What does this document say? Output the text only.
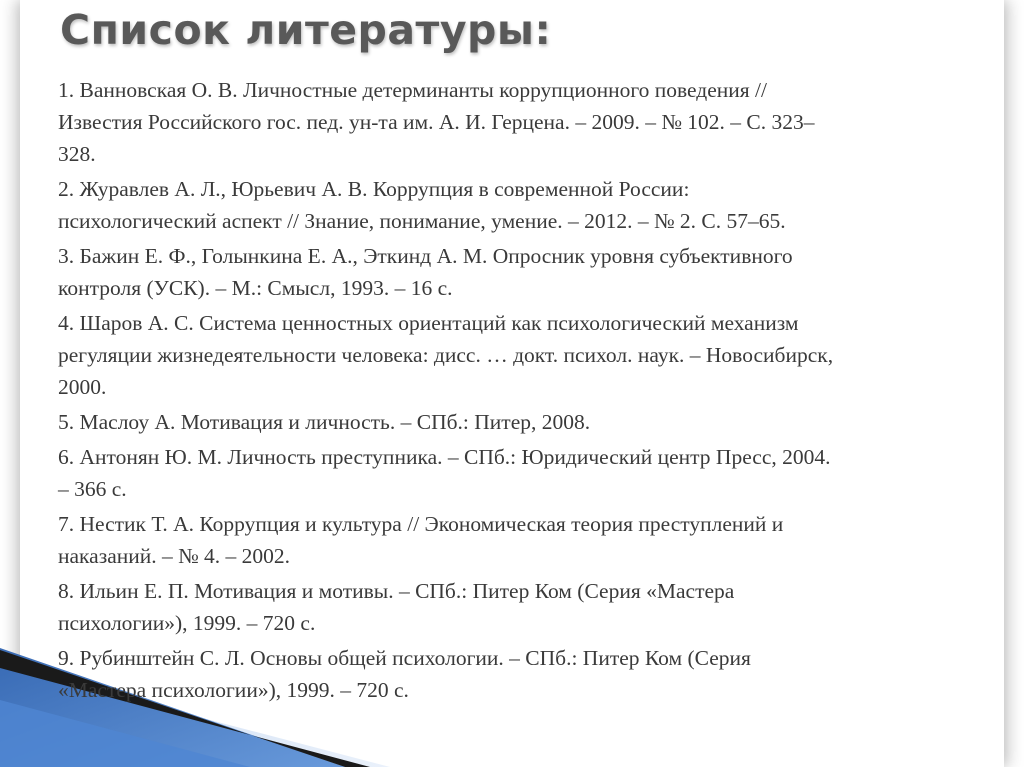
Список литературы:
1. Ванновская О. В. Личностные детерминанты коррупционного поведения //
Известия Российского гос. пед. ун-та им. А. И. Герцена. – 2009. – № 102. – С. 323–
328.
2. Журавлев А. Л., Юрьевич А. В. Коррупция в современной России:
психологический аспект // Знание, понимание, умение. – 2012. – № 2. С. 57–65.
3. Бажин Е. Ф., Голынкина Е. А., Эткинд А. М. Опросник уровня субъективного
контроля (УСК). – М.: Смысл, 1993. – 16 с.
4. Шаров А. С. Система ценностных ориентаций как психологический механизм
регуляции жизнедеятельности человека: дисс. … докт. психол. наук. – Новосибирск,
2000.
5. Маслоу А. Мотивация и личность. – СПб.: Питер, 2008.
6. Антонян Ю. М. Личность преступника. – СПб.: Юридический центр Пресс, 2004.
– 366 с.
7. Нестик Т. А. Коррупция и культура // Экономическая теория преступлений и
наказаний. – № 4. – 2002.
8. Ильин Е. П. Мотивация и мотивы. – СПб.: Питер Ком (Серия «Мастера
психологии»), 1999. – 720 с.
9. Рубинштейн С. Л. Основы общей психологии. – СПб.: Питер Ком (Серия
«Мастера психологии»), 1999. – 720 с.
